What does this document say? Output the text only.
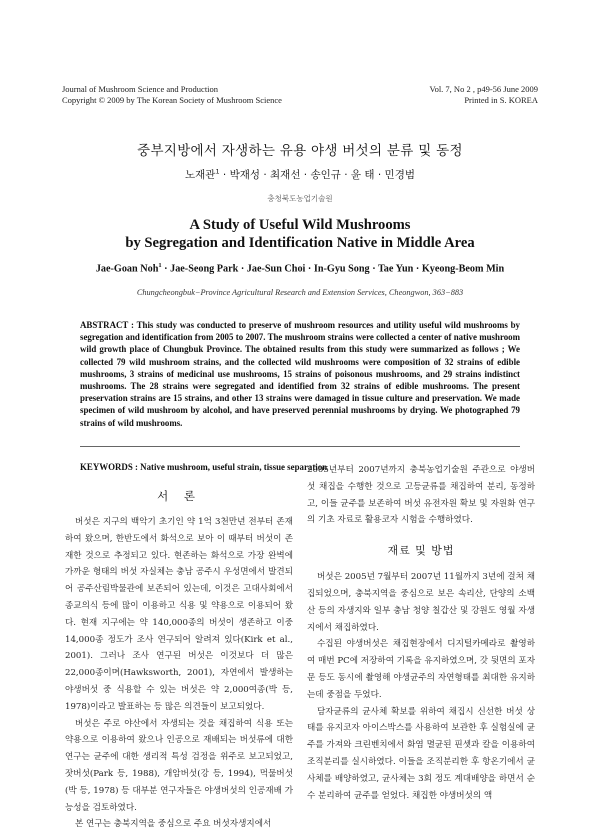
Journal of Mushroom Science and Production
Copyright © 2009 by The Korean Society of Mushroom Science
Vol. 7, No 2 , p49-56 June 2009
Printed in S. KOREA
중부지방에서 자생하는 유용 야생 버섯의 분류 및 동정
노재관$^1$ · 박재성 · 최재선 · 송인규 · 윤 태 · 민경범
충청북도농업기술원
A Study of Useful Wild Mushrooms
by Segregation and Identification Native in Middle Area
Jae-Goan Noh$^1$ · Jae-Seong Park · Jae-Sun Choi · In-Gyu Song · Tae Yun · Kyeong-Beom Min
Chungcheongbuk−Province Agricultural Research and Extension Services, Cheongwon, 363−883
ABSTRACT : This study was conducted to preserve of mushroom resources and utility useful wild mushrooms by segregation and identification from 2005 to 2007. The mushroom strains were collected a center of native mushroom wild growth place of Chungbuk Province. The obtained results from this study were summarized as follows ; We collected 79 wild mushroom strains, and the collected wild mushrooms were composition of 32 strains of edible mushrooms, 3 strains of medicinal use mushrooms, 15 strains of poisonous mushrooms, and 29 strains indistinct mushrooms. The 28 strains were segregated and identified from 32 strains of edible mushrooms. The present preservation strains are 15 strains, and other 13 strains were damaged in tissue culture and preservation. We made specimen of wild mushroom by alcohol, and have preserved perennial mushrooms by drying. We photographed 79 strains of wild mushrooms.
KEYWORDS : Native mushroom, useful strain, tissue separation
서 론

버섯은 지구의 백악기 초기인 약 1억 3천만년 전부터 존재하여 왔으며, 한반도에서 화석으로 보아 이 때부터 버섯이 존재한 것으로 추정되고 있다. 현존하는 화석으로 가장 완벽에 가까운 형태의 버섯 자실체는 충남 공주시 우성면에서 발견되어 공주산림박물관에 보존되어 있는데, 이것은 고대사회에서 종교의식 등에 많이 이용하고 식용 및 약용으로 이용되어 왔다. 현재 지구에는 약 140,000종의 버섯이 생존하고 이중 14,000종 정도가 조사 연구되어 알려져 있다(Kirk et al., 2001). 그러나 조사 연구된 버섯은 이것보다 더 많은 22,000종이며(Hawksworth, 2001), 자연에서 발생하는 야생버섯 중 식용할 수 있는 버섯은 약 2,000여종(박 등, 1978)이라고 발표하는 등 많은 의견들이 보고되었다.

버섯은 주로 야산에서 자생되는 것을 채집하여 식용 또는 약용으로 이용하여 왔으나 인공으로 재배되는 버섯류에 대한 연구는 균주에 대한 생리적 특성 검정을 위주로 보고되었고, 잣버섯(Park 등, 1988), 개암버섯(강 등, 1994), 먹물버섯(박 등, 1978) 등 대부분 연구자들은 야생버섯의 인공재배 가능성을 검토하였다.

본 연구는 충북지역을 중심으로 주요 버섯자생지에서

2005년부터 2007년까지 충북농업기술원 주관으로 야생버섯 채집을 수행한 것으로 고등균류를 채집하여 분리, 동정하고, 이들 균주를 보존하여 버섯 유전자원 확보 및 자원화 연구의 기초 자료로 활용코자 시험을 수행하였다.

재료 및 방법

버섯은 2005년 7월부터 2007년 11월까지 3년에 걸쳐 채집되었으며, 충북지역을 중심으로 보은 속리산, 단양의 소백산 등의 자생지와 일부 충남 청양 칠갑산 및 강원도 영월 자생지에서 채집하였다.

수집된 야생버섯은 채집현장에서 디지털카메라로 촬영하여 매번 PC에 저장하여 기록을 유지하였으며, 갓 뒷면의 포자문 등도 동시에 촬영해 야생균주의 자연형태를 최대한 유지하는데 중점을 두었다.

담자균류의 균사체 확보를 위하여 채집시 신선한 버섯 상태를 유지코자 아이스박스를 사용하여 보관한 후 실험실에 균주를 가져와 크린벤치에서 화염 멸균된 핀셋과 칼을 이용하여 조직분리를 실시하였다. 이들을 조직분리한 후 항온기에서 균사체를 배양하였고, 균사체는 3회 정도 계대배양을 하면서 순수 분리하여 균주를 얻었다. 채집한 야생버섯의 액
